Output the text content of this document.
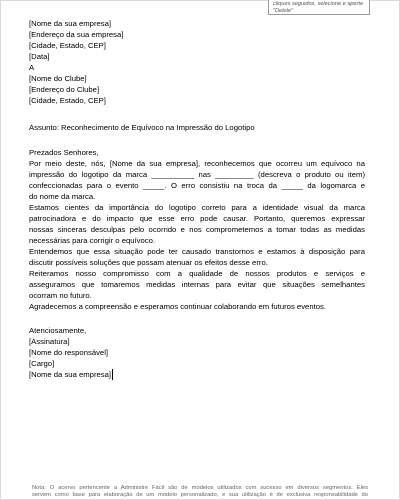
cliques seguidos, selecione e aperte "Delete"
[Nome da sua empresa]
[Endereço da sua empresa]
[Cidade, Estado, CEP]
[Data]
A
[Nome do Clube]
[Endereço do Clube]
[Cidade, Estado, CEP]
Assunto: Reconhecimento de Equívoco na Impressão do Logotipo
Prezados Senhores,
Por meio deste, nós, [Nome da sua empresa], reconhecemos que ocorreu um equívoco na
impressão do logotipo da marca __________ nas _________ (descreva o produto ou item)
confeccionadas para o evento _____. O erro consistiu na troca da _____ da logomarca e
do nome da marca.
Estamos cientes da importância do logotipo correto para a identidade visual da marca
patrocinadora e do impacto que esse erro pode causar. Portanto, queremos expressar
nossas sinceras desculpas pelo ocorrido e nos comprometemos a tomar todas as medidas
necessárias para corrigir o equívoco.
Entendemos que essa situação pode ter causado transtornos e estamos à disposição para
discutir possíveis soluções que possam atenuar os efeitos desse erro.
Reiteramos nosso compromisso com a qualidade de nossos produtos e serviços e
asseguramos que tomaremos medidas internas para evitar que situações semelhantes
ocorram no futuro.
Agradecemos a compreensão e esperamos continuar colaborando em futuros eventos.
Atenciosamente,
[Assinatura]
[Nome do responsável]
[Cargo]
[Nome da sua empresa]
Nota: O acervo pertencente a Administre Fácil são de modelos utilizados com sucesso em diversos segmentos. Eles
servem como base para elaboração de um modelo personalizado, e sua utilização é de exclusiva responsabilidade do
